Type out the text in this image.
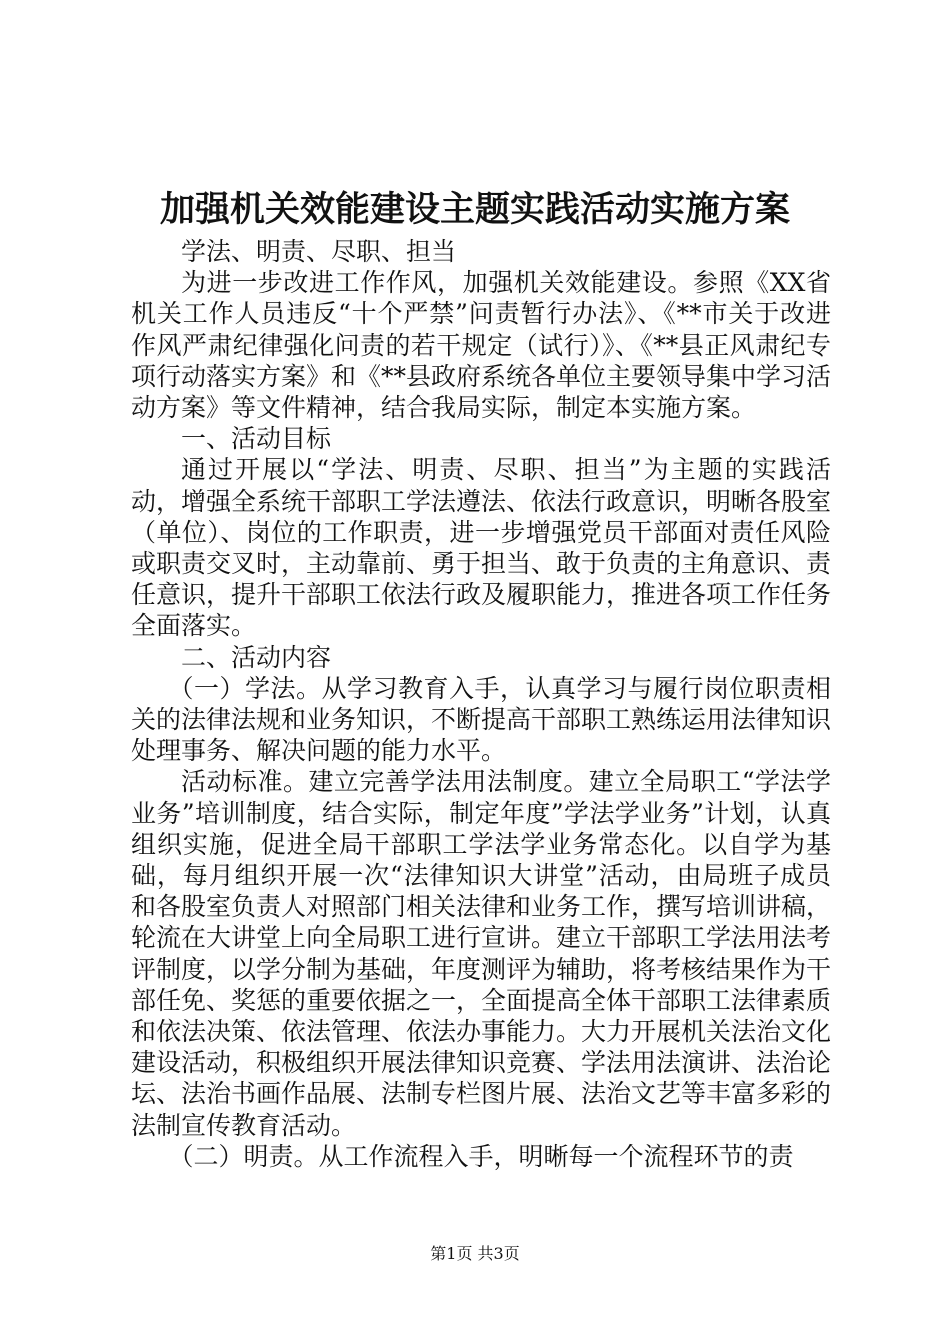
加强机关效能建设主题实践活动实施方案

学法、明责、尽职、担当

为进一步改进工作作风，加强机关效能建设。参照《XX省机关工作人员违反“十个严禁”问责暂行办法》、《**市关于改进作风严肃纪律强化问责的若干规定（试行）》、《**县正风肃纪专项行动落实方案》和《**县政府系统各单位主要领导集中学习活动方案》等文件精神，结合我局实际，制定本实施方案。

一、活动目标

通过开展以“学法、明责、尽职、担当”为主题的实践活动，增强全系统干部职工学法遵法、依法行政意识，明晰各股室（单位）、岗位的工作职责，进一步增强党员干部面对责任风险或职责交叉时，主动靠前、勇于担当、敢于负责的主角意识、责任意识，提升干部职工依法行政及履职能力，推进各项工作任务全面落实。

二、活动内容

（一）学法。从学习教育入手，认真学习与履行岗位职责相关的法律法规和业务知识，不断提高干部职工熟练运用法律知识处理事务、解决问题的能力水平。

活动标准。建立完善学法用法制度。建立全局职工“学法学业务”培训制度，结合实际，制定年度”学法学业务”计划，认真组织实施，促进全局干部职工学法学业务常态化。以自学为基础，每月组织开展一次“法律知识大讲堂”活动，由局班子成员和各股室负责人对照部门相关法律和业务工作，撰写培训讲稿，轮流在大讲堂上向全局职工进行宣讲。建立干部职工学法用法考评制度，以学分制为基础，年度测评为辅助，将考核结果作为干部任免、奖惩的重要依据之一，全面提高全体干部职工法律素质和依法决策、依法管理、依法办事能力。大力开展机关法治文化建设活动，积极组织开展法律知识竞赛、学法用法演讲、法治论坛、法治书画作品展、法制专栏图片展、法治文艺等丰富多彩的法制宣传教育活动。

（二）明责。从工作流程入手，明晰每一个流程环节的责

第1页 共3页
